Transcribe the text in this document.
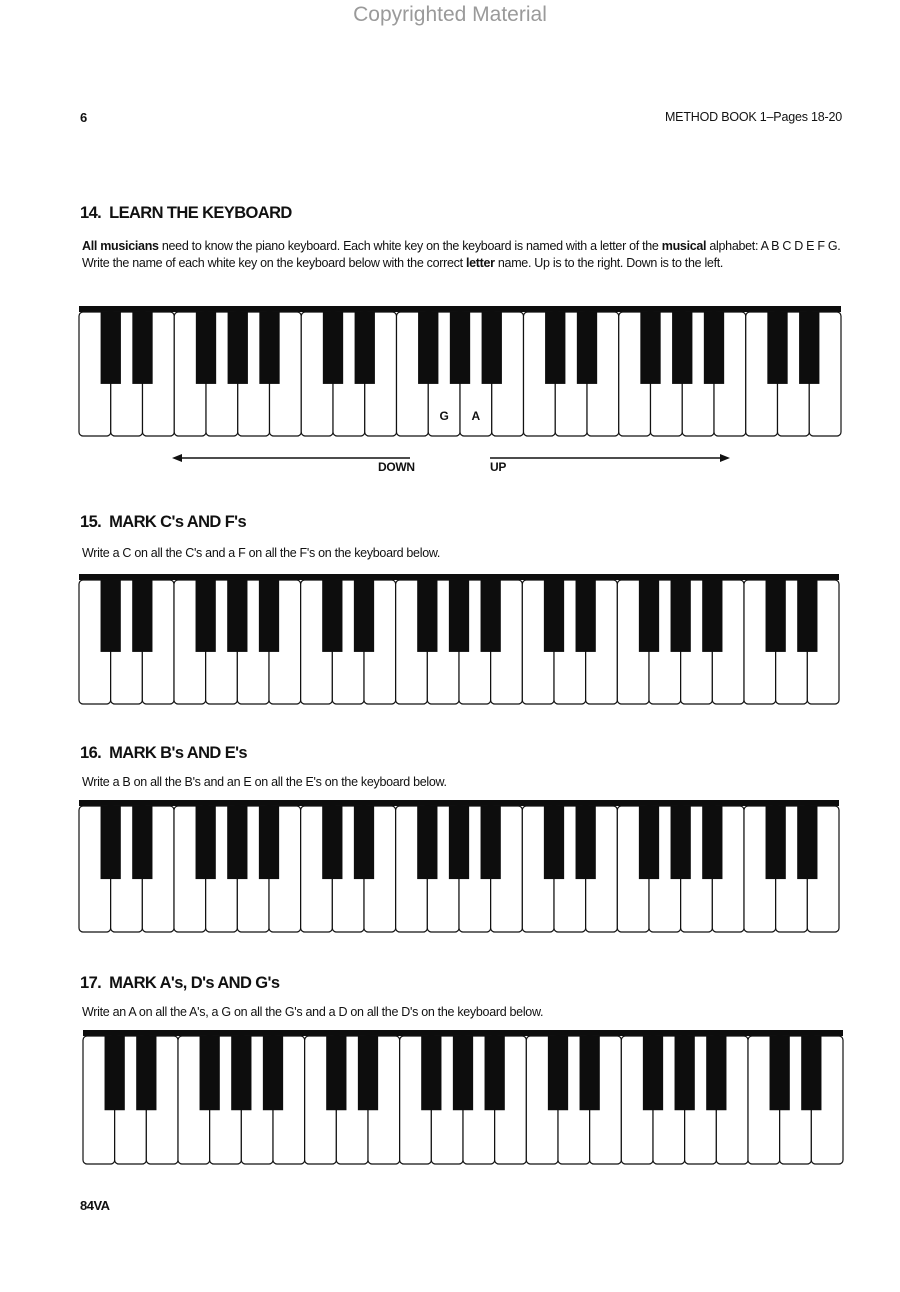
Copyrighted Material
6	METHOD BOOK 1–Pages 18-20
14. LEARN THE KEYBOARD
All musicians need to know the piano keyboard. Each white key on the keyboard is named with a letter of the musical alphabet: A B C D E F G. Write the name of each white key on the keyboard below with the correct letter name. Up is to the right. Down is to the left.
G A
DOWN	UP
15. MARK C's AND F's
Write a C on all the C's and a F on all the F's on the keyboard below.
16. MARK B's AND E's
Write a B on all the B's and an E on all the E's on the keyboard below.
17. MARK A's, D's AND G's
Write an A on all the A's, a G on all the G's and a D on all the D's on the keyboard below.
84VA
